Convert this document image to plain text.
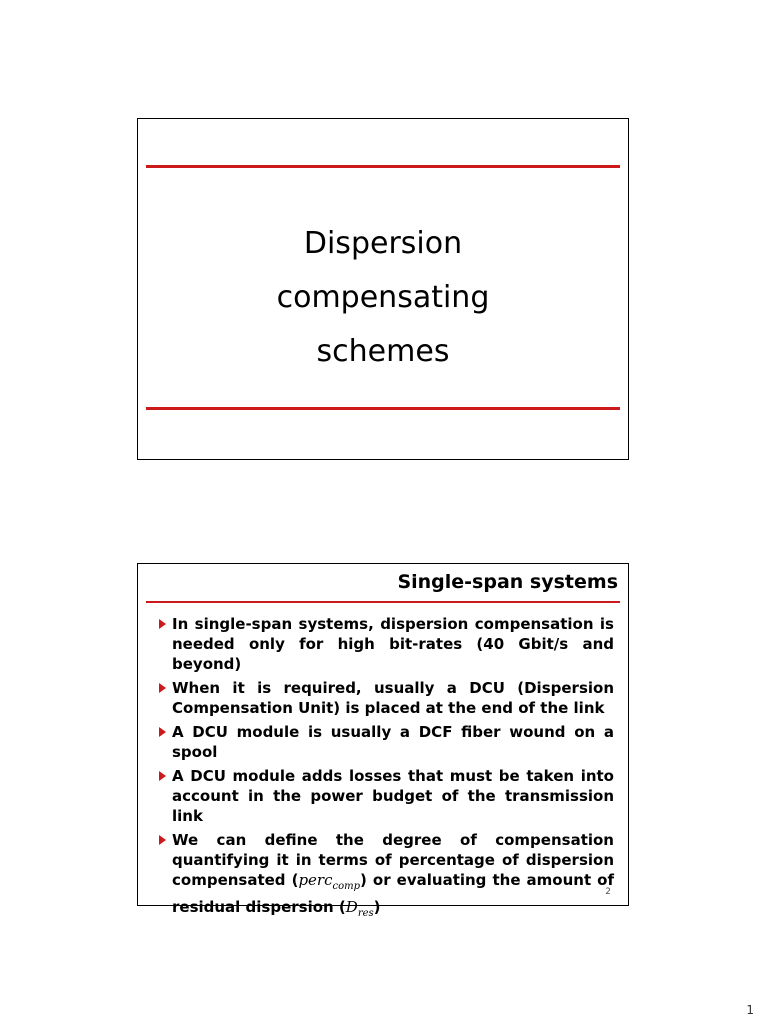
Dispersion
compensating
schemes
Single-span systems
In single-span systems, dispersion compensation is needed only for high bit-rates (40 Gbit/s and beyond)
When it is required, usually a DCU (Dispersion Compensation Unit) is placed at the end of the link
A DCU module is usually a DCF fiber wound on a spool
A DCU module adds losses that must be taken into account in the power budget of the transmission link
We can define the degree of compensation quantifying it in terms of percentage of dispersion compensated (perc$_{comp}$) or evaluating the amount of residual dispersion $(D_{res})$
2
1
